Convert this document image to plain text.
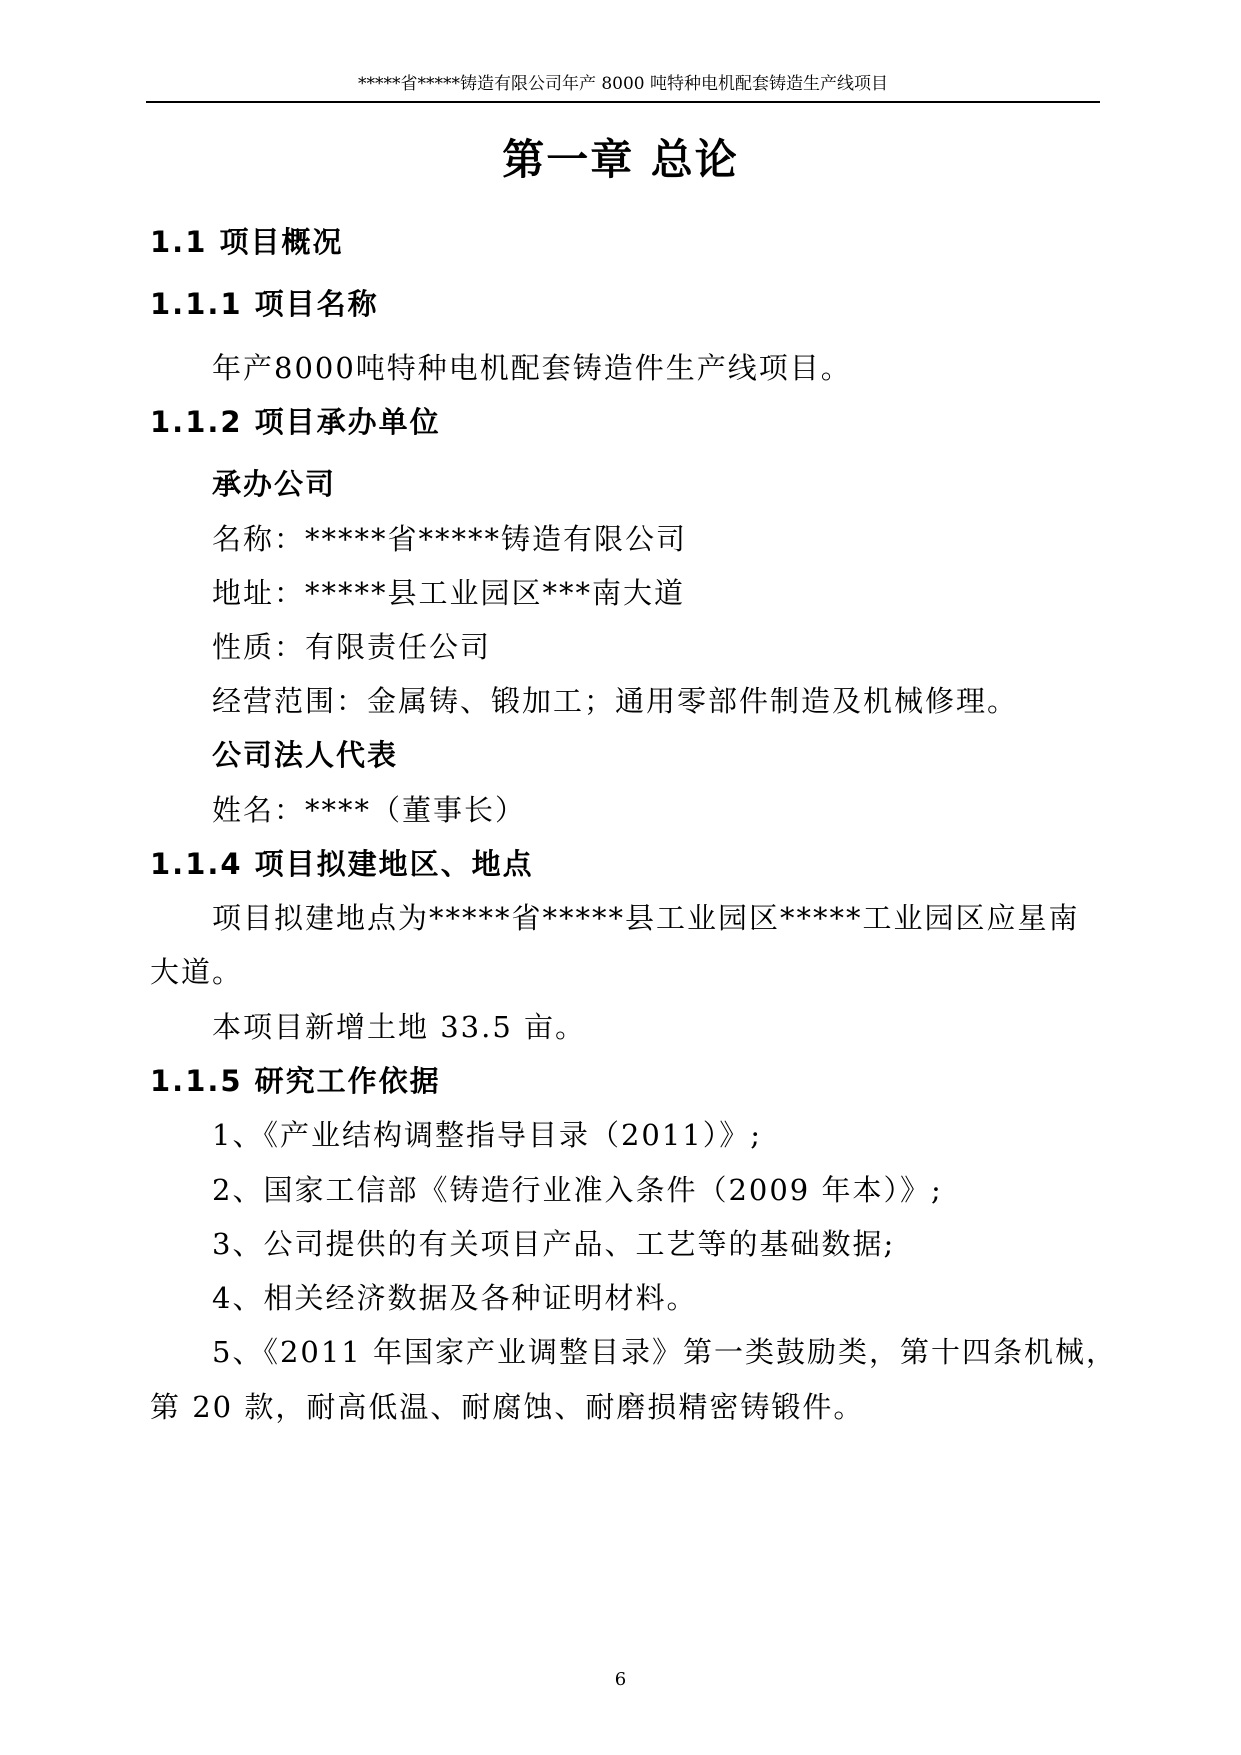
*****省*****铸造有限公司年产 8000 吨特种电机配套铸造生产线项目
第一章 总论
1.1 项目概况
1.1.1 项目名称
年产8000吨特种电机配套铸造件生产线项目。
1.1.2 项目承办单位
承办公司
名称：*****省*****铸造有限公司
地址：*****县工业园区***南大道
性质：有限责任公司
经营范围：金属铸、锻加工；通用零部件制造及机械修理。
公司法人代表
姓名：****（董事长）
1.1.4 项目拟建地区、地点
项目拟建地点为*****省*****县工业园区*****工业园区应星南
大道。
本项目新增土地 33.5 亩。
1.1.5 研究工作依据
1、《产业结构调整指导目录（2011）》;
2、国家工信部《铸造行业准入条件（2009 年本）》;
3、公司提供的有关项目产品、工艺等的基础数据;
4、相关经济数据及各种证明材料。
5、《2011 年国家产业调整目录》第一类鼓励类，第十四条机械，
第 20 款，耐高低温、耐腐蚀、耐磨损精密铸锻件。
6
